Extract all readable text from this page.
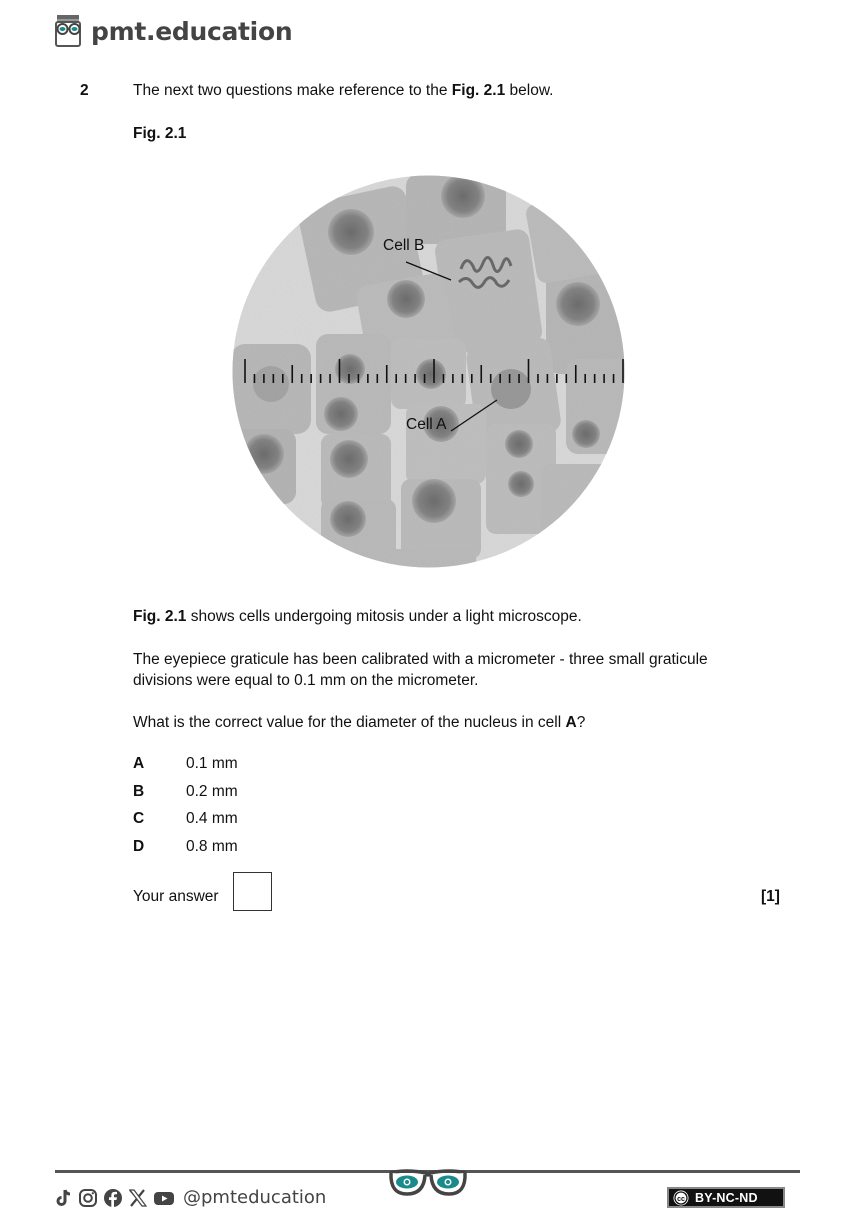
pmt.education
2	The next two questions make reference to the Fig. 2.1 below.
Fig. 2.1
Cell B
Cell A
Fig. 2.1 shows cells undergoing mitosis under a light microscope.
The eyepiece graticule has been calibrated with a micrometer - three small graticule
divisions were equal to 0.1 mm on the micrometer.
What is the correct value for the diameter of the nucleus in cell A?
A	0.1 mm
B	0.2 mm
C	0.4 mm
D	0.8 mm
Your answer	[1]
@pmteducation	cc BY-NC-ND
